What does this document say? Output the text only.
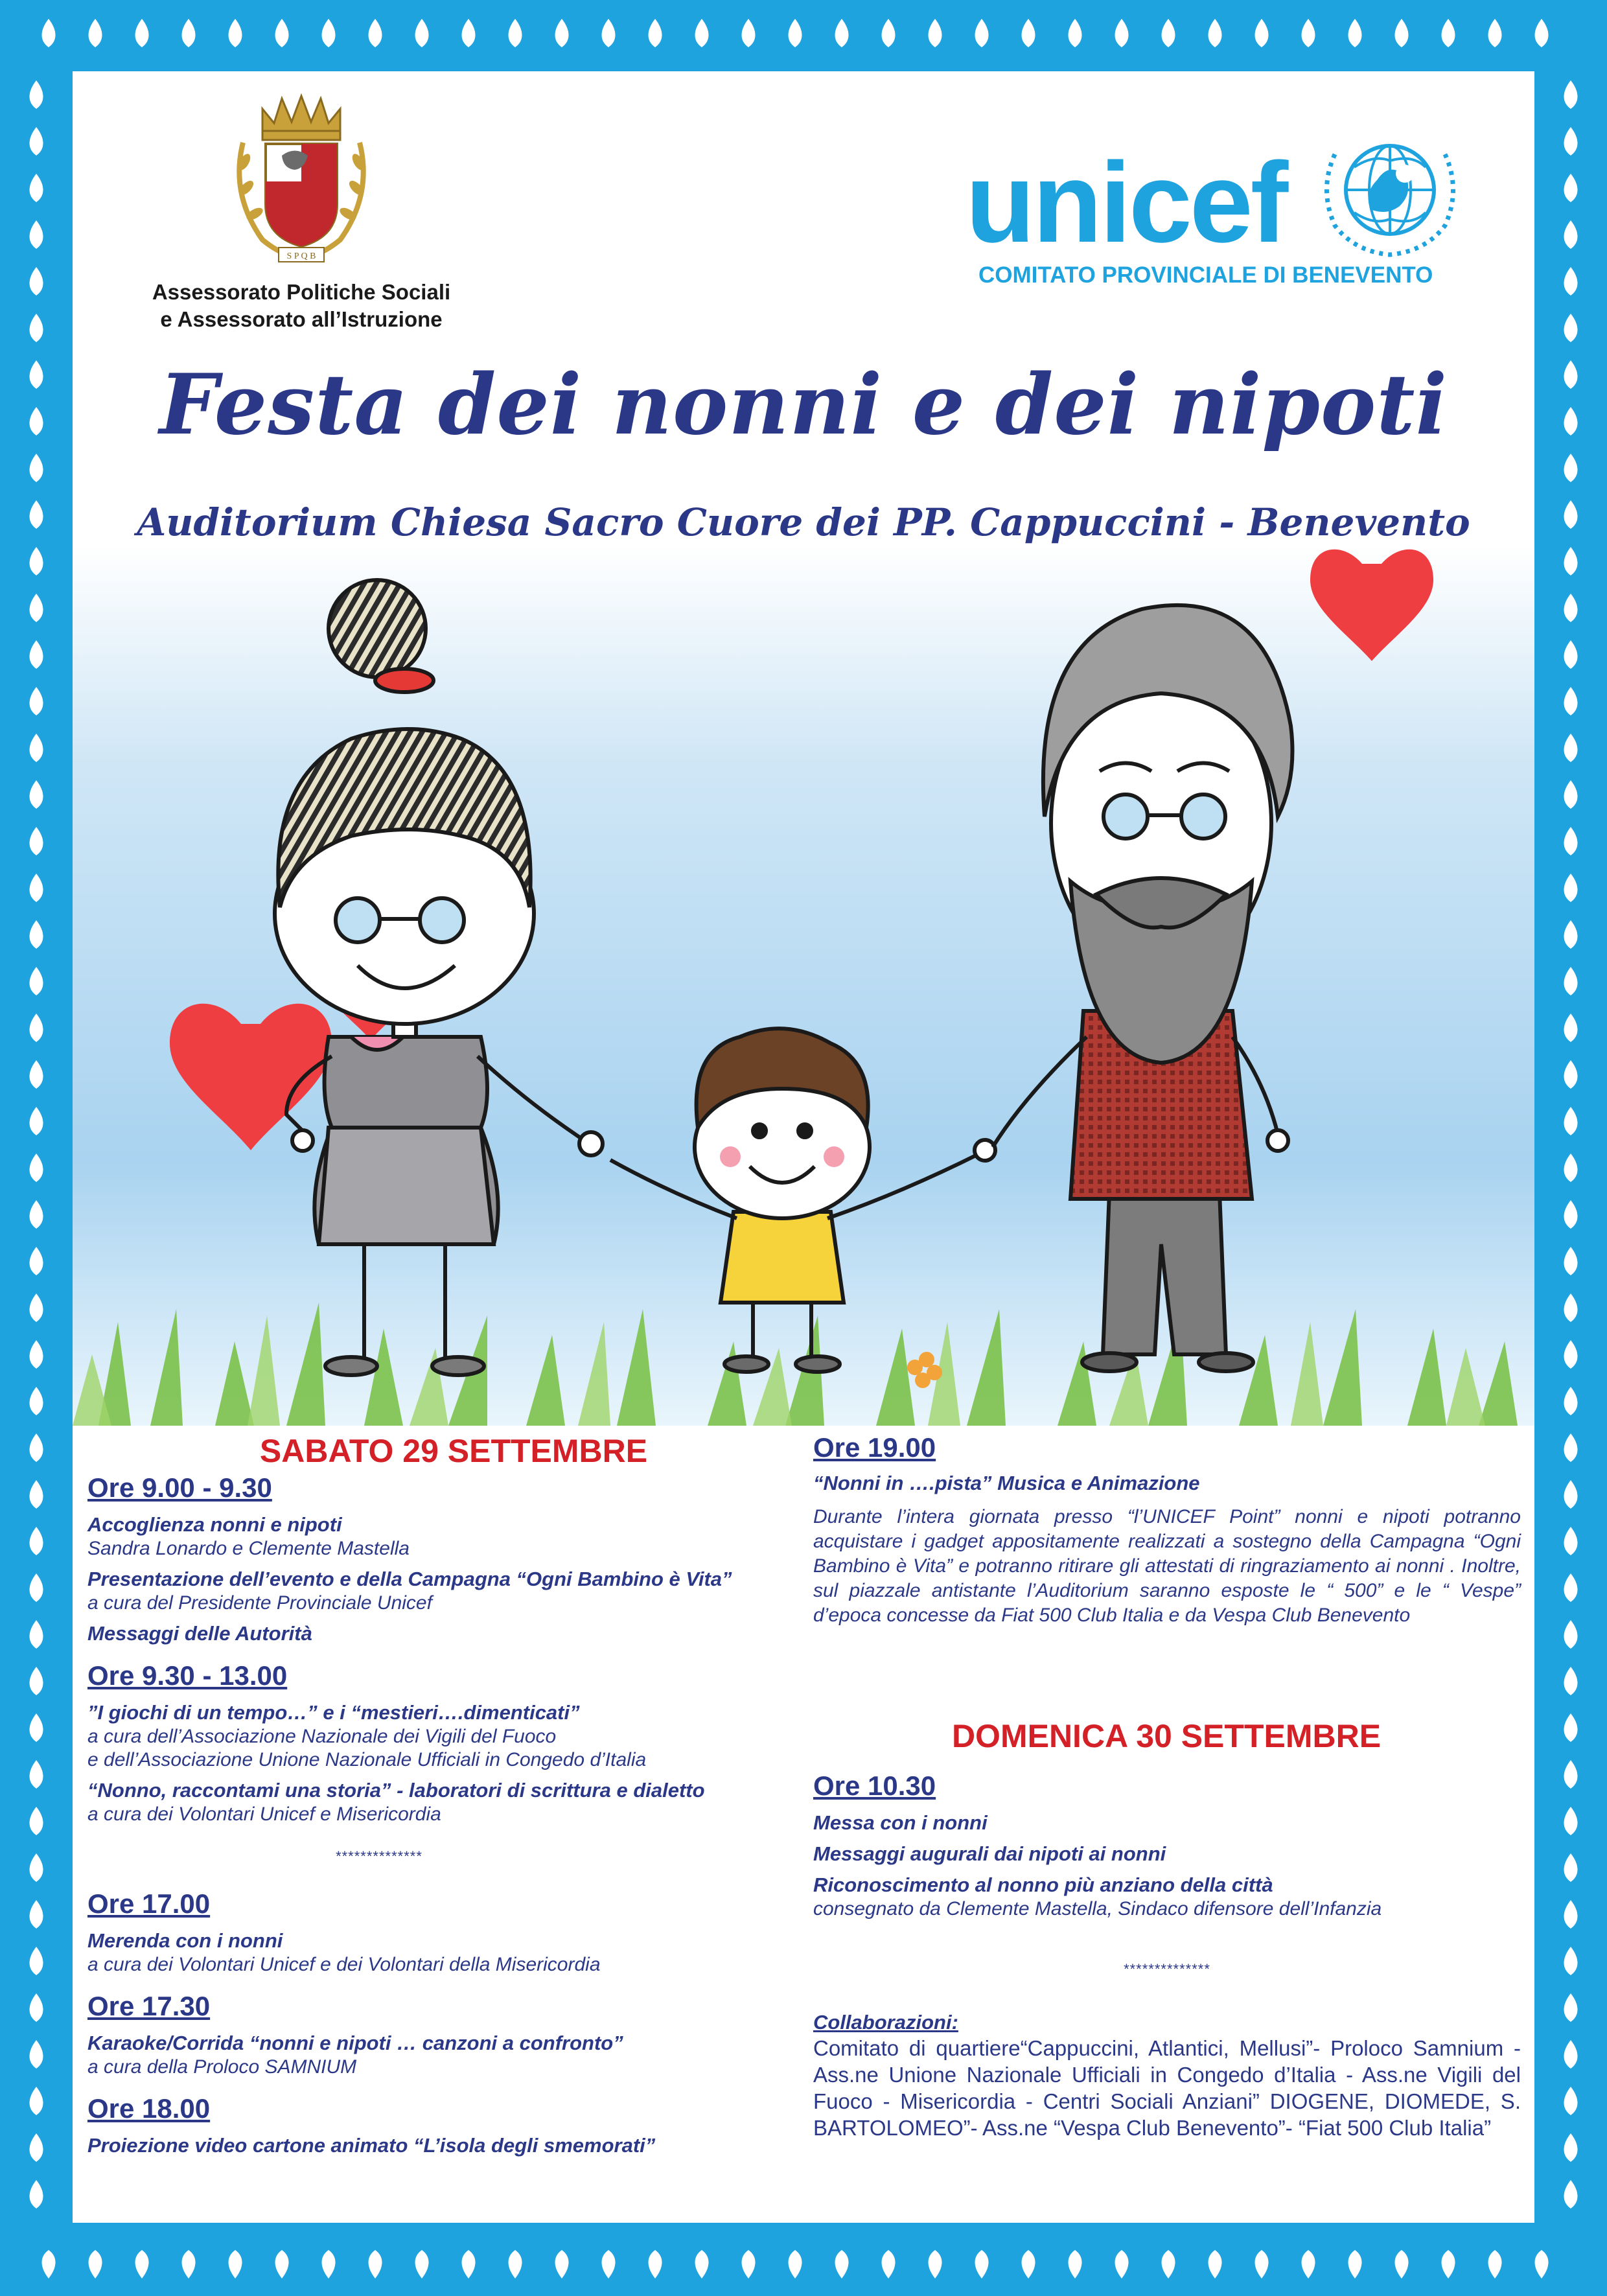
S P Q B
Assessorato Politiche Sociali
e Assessorato all’Istruzione
unicef
COMITATO PROVINCIALE DI BENEVENTO
Festa dei nonni e dei nipoti
Auditorium Chiesa Sacro Cuore dei PP. Cappuccini - Benevento
SABATO 29 SETTEMBRE
Ore 9.00 - 9.30
Accoglienza nonni e nipoti
Sandra Lonardo e Clemente Mastella
Presentazione dell’evento e della Campagna “Ogni Bambino è Vita”
a cura del Presidente Provinciale Unicef
Messaggi delle Autorità
Ore 9.30 - 13.00
”I giochi di un tempo…” e i “mestieri….dimenticati”
a cura dell’Associazione Nazionale dei Vigili del Fuoco
e dell’Associazione Unione Nazionale Ufficiali in Congedo d’Italia
“Nonno, raccontami una storia” - laboratori di scrittura e dialetto
a cura dei Volontari Unicef e Misericordia
**************
Ore 17.00
Merenda con i nonni
a cura dei Volontari Unicef e dei Volontari della Misericordia
Ore 17.30
Karaoke/Corrida “nonni e nipoti … canzoni a confronto”
a cura della Proloco SAMNIUM
Ore 18.00
Proiezione video cartone animato “L’isola degli smemorati”
Ore 19.00
“Nonni in ….pista” Musica e Animazione
Durante l’intera giornata presso “l’UNICEF Point” nonni e nipoti potranno acquistare i gadget appositamente realizzati a sostegno della Campagna “Ogni Bambino è Vita” e potranno ritirare gli attestati di ringraziamento ai nonni . Inoltre, sul piazzale antistante l’Auditorium saranno esposte le “ 500” e le “ Vespe” d’epoca concesse da Fiat 500 Club Italia e da Vespa Club Benevento
DOMENICA 30 SETTEMBRE
Ore 10.30
Messa con i nonni
Messaggi augurali dai nipoti ai nonni
Riconoscimento al nonno più anziano della città
consegnato da Clemente Mastella, Sindaco difensore dell’Infanzia
**************
Collaborazioni:
Comitato di quartiere“Cappuccini, Atlantici, Mellusi”- Proloco Samnium - Ass.ne Unione Nazionale Ufficiali in Congedo d’Italia - Ass.ne Vigili del Fuoco - Misericordia - Centri Sociali Anziani” DIOGENE, DIOMEDE, S. BARTOLOMEO”- Ass.ne “Vespa Club Benevento”- “Fiat 500 Club Italia”
